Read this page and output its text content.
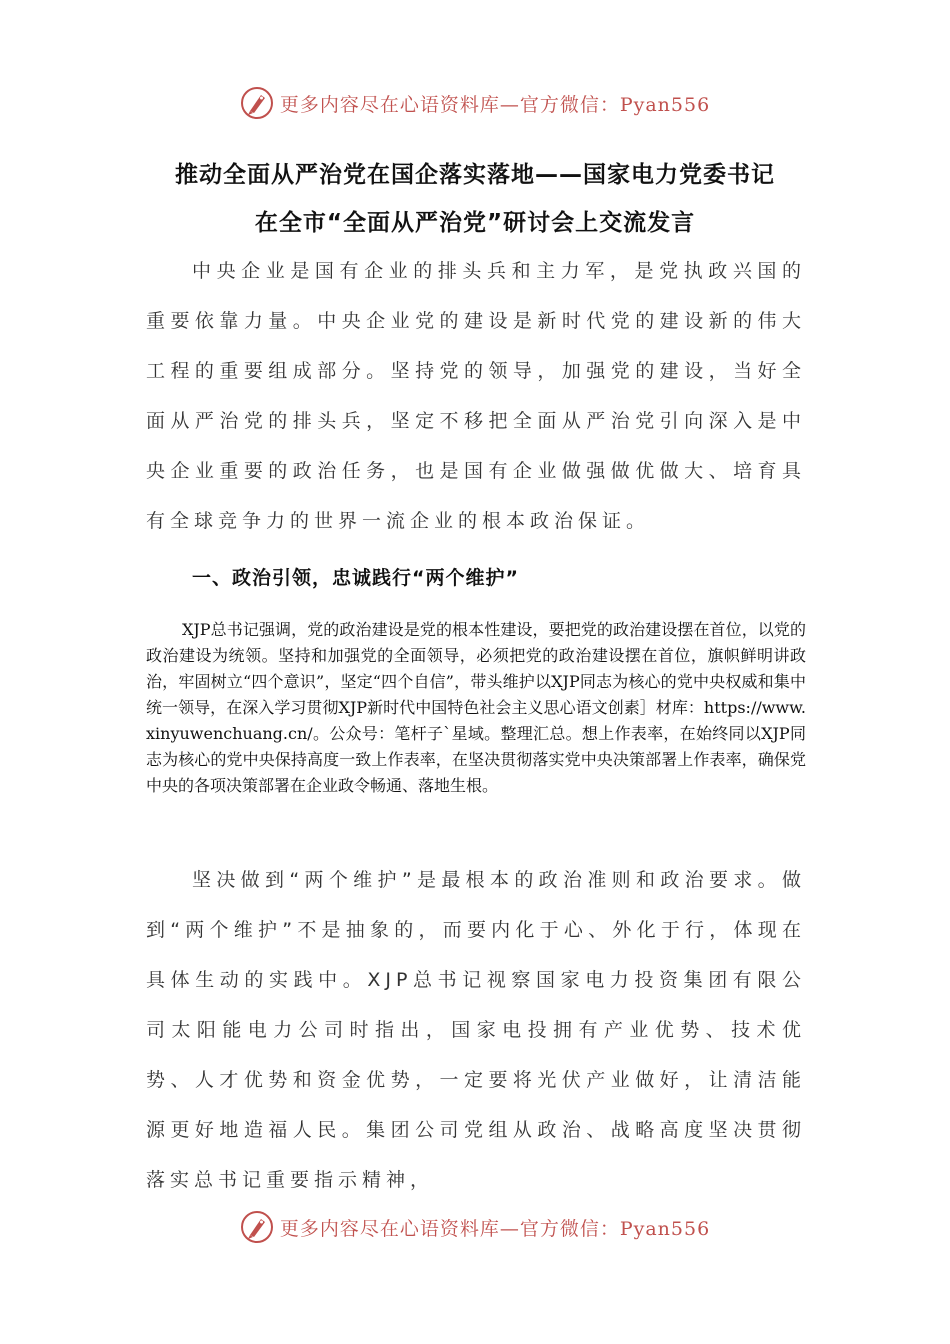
更多内容尽在心语资料库—官方微信：Pyan556
推动全面从严治党在国企落实落地——国家电力党委书记
在全市“全面从严治党”研讨会上交流发言

中央企业是国有企业的排头兵和主力军，是党执政兴国的重要依靠力量。中央企业党的建设是新时代党的建设新的伟大工程的重要组成部分。坚持党的领导，加强党的建设，当好全面从严治党的排头兵，坚定不移把全面从严治党引向深入是中央企业重要的政治任务，也是国有企业做强做优做大、培育具有全球竞争力的世界一流企业的根本政治保证。

一、政治引领，忠诚践行“两个维护”

XJP总书记强调，党的政治建设是党的根本性建设，要把党的政治建设摆在首位，以党的政治建设为统领。坚持和加强党的全面领导，必须把党的政治建设摆在首位，旗帜鲜明讲政治，牢固树立“四个意识”，坚定“四个自信”，带头维护以XJP同志为核心的党中央权威和集中统一领导，在深入学习贯彻XJP新时代中国特色社会主义思心语文创素］材库：https://www.xinyuwenchuang.cn/。公众号：笔杆子`星域。整理汇总。想上作表率，在始终同以XJP同志为核心的党中央保持高度一致上作表率，在坚决贯彻落实党中央决策部署上作表率，确保党中央的各项决策部署在企业政令畅通、落地生根。

坚决做到“两个维护”是最根本的政治准则和政治要求。做到“两个维护”不是抽象的，而要内化于心、外化于行，体现在具体生动的实践中。XJP总书记视察国家电力投资集团有限公司太阳能电力公司时指出，国家电投拥有产业优势、技术优势、人才优势和资金优势，一定要将光伏产业做好，让清洁能源更好地造福人民。集团公司党组从政治、战略高度坚决贯彻落实总书记重要指示精神，

更多内容尽在心语资料库—官方微信：Pyan556
